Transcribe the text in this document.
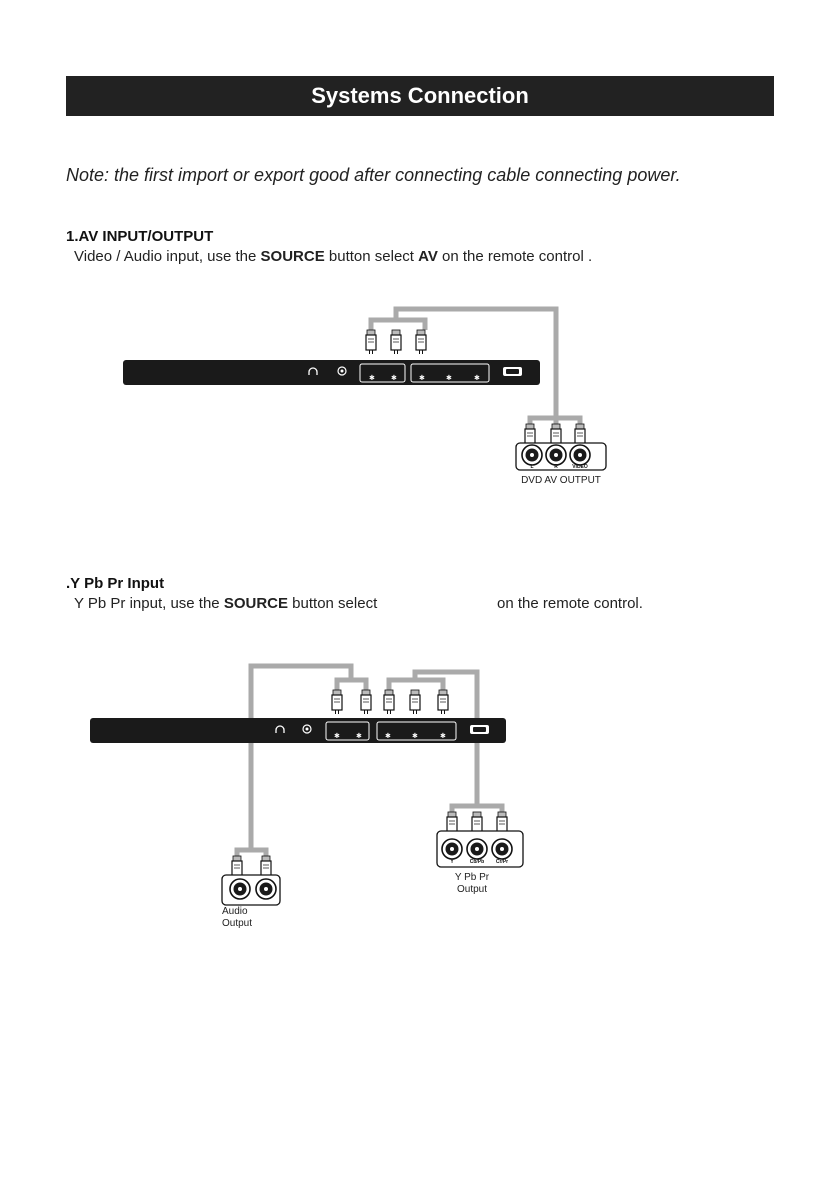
Systems Connection
Note: the first import or export good after connecting cable connecting power.
1.AV INPUT/OUTPUT
Video / Audio input, use the SOURCE button select AV on the remote control .
.Y Pb Pr Input
Y Pb Pr input, use the SOURCE button select	on the remote control.
✱ ✱	✱	✱	✱
L	R	VIDEO
✱ ✱	✱	✱	✱
Y	Cb/Pb Cr/Pr
DVD AV OUTPUT
Audio
Output
Y Pb Pr
Output
